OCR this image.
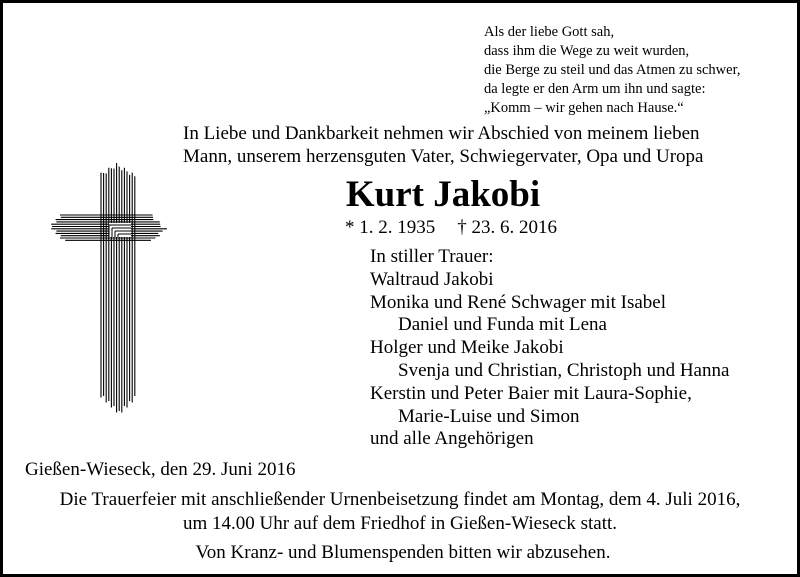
Als der liebe Gott sah,
dass ihm die Wege zu weit wurden,
die Berge zu steil und das Atmen zu schwer,
da legte er den Arm um ihn und sagte:
„Komm – wir gehen nach Hause.“
In Liebe und Dankbarkeit nehmen wir Abschied von meinem lieben
Mann, unserem herzensguten Vater, Schwiegervater, Opa und Uropa
Kurt Jakobi
* 1. 2. 1935 † 23. 6. 2016
In stiller Trauer:
Waltraud Jakobi
Monika und René Schwager mit Isabel
Daniel und Funda mit Lena
Holger und Meike Jakobi
Svenja und Christian, Christoph und Hanna
Kerstin und Peter Baier mit Laura-Sophie,
Marie-Luise und Simon
und alle Angehörigen
Gießen-Wieseck, den 29. Juni 2016
Die Trauerfeier mit anschließender Urnenbeisetzung findet am Montag, dem 4. Juli 2016,
um 14.00 Uhr auf dem Friedhof in Gießen-Wieseck statt.
Von Kranz- und Blumenspenden bitten wir abzusehen.
